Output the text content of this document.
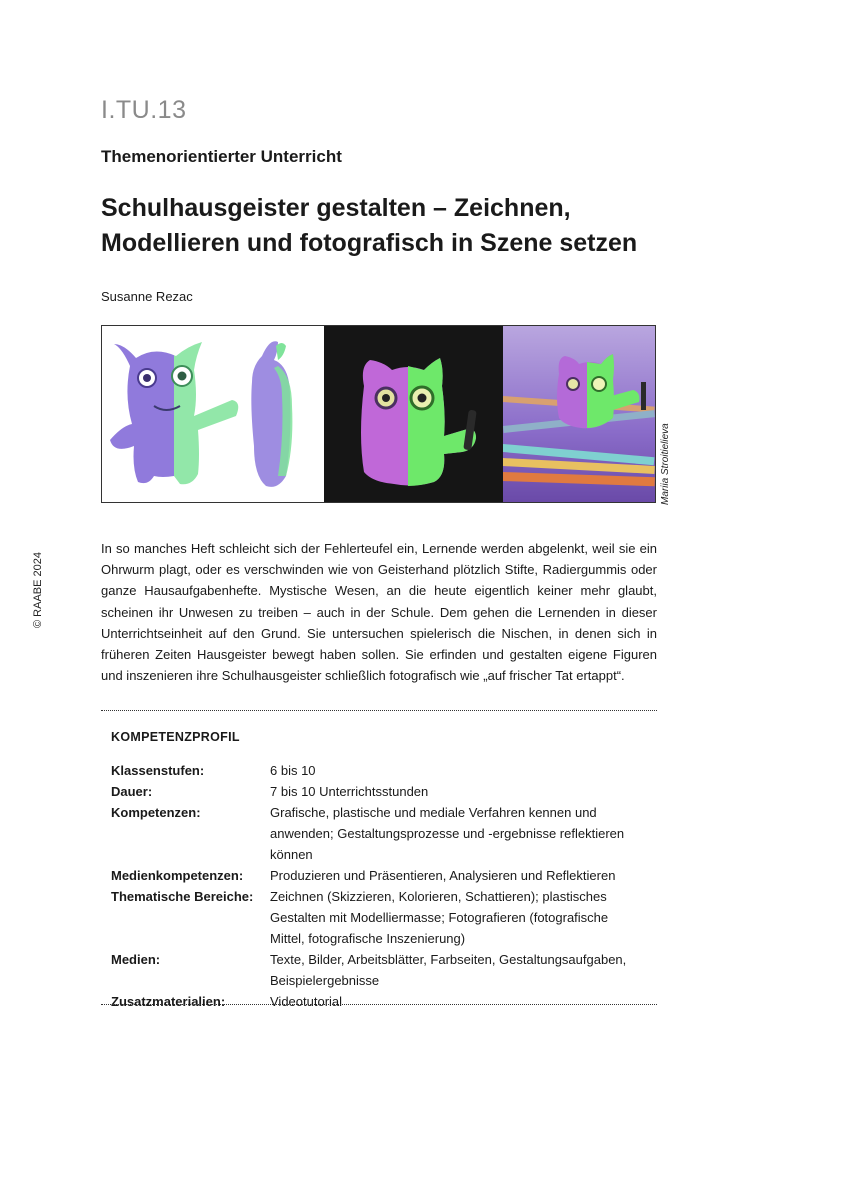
I.TU.13
Themenorientierter Unterricht
Schulhausgeister gestalten – Zeichnen,
Modellieren und fotografisch in Szene setzen
Susanne Rezac
© RAABE 2024
Mariia Stroitielieva

In so manches Heft schleicht sich der Fehlerteufel ein, Lernende werden abgelenkt, weil sie ein Ohrwurm plagt, oder es verschwinden wie von Geisterhand plötzlich Stifte, Radiergummis oder ganze Hausaufgabenhefte. Mystische Wesen, an die heute eigentlich keiner mehr glaubt, scheinen ihr Unwesen zu treiben – auch in der Schule. Dem gehen die Lernenden in dieser Unterrichtseinheit auf den Grund. Sie untersuchen spielerisch die Nischen, in denen sich in früheren Zeiten Hausgeister bewegt haben sollen. Sie erfinden und gestalten eigene Figuren und inszenieren ihre Schulhausgeister schließlich fotografisch wie „auf frischer Tat ertappt“.

KOMPETENZPROFIL
Klassenstufen:	6 bis 10
Dauer:	7 bis 10 Unterrichtsstunden
Kompetenzen:	Grafische, plastische und mediale Verfahren kennen und anwenden; Gestaltungsprozesse und -ergebnisse reflektieren können
Medienkompetenzen:	Produzieren und Präsentieren, Analysieren und Reflektieren
Thematische Bereiche:	Zeichnen (Skizzieren, Kolorieren, Schattieren); plastisches Gestalten mit Modelliermasse; Fotografieren (fotografische Mittel, fotografische Inszenierung)
Medien:	Texte, Bilder, Arbeitsblätter, Farbseiten, Gestaltungsaufgaben, Beispielergebnisse
Zusatzmaterialien:	Videotutorial
